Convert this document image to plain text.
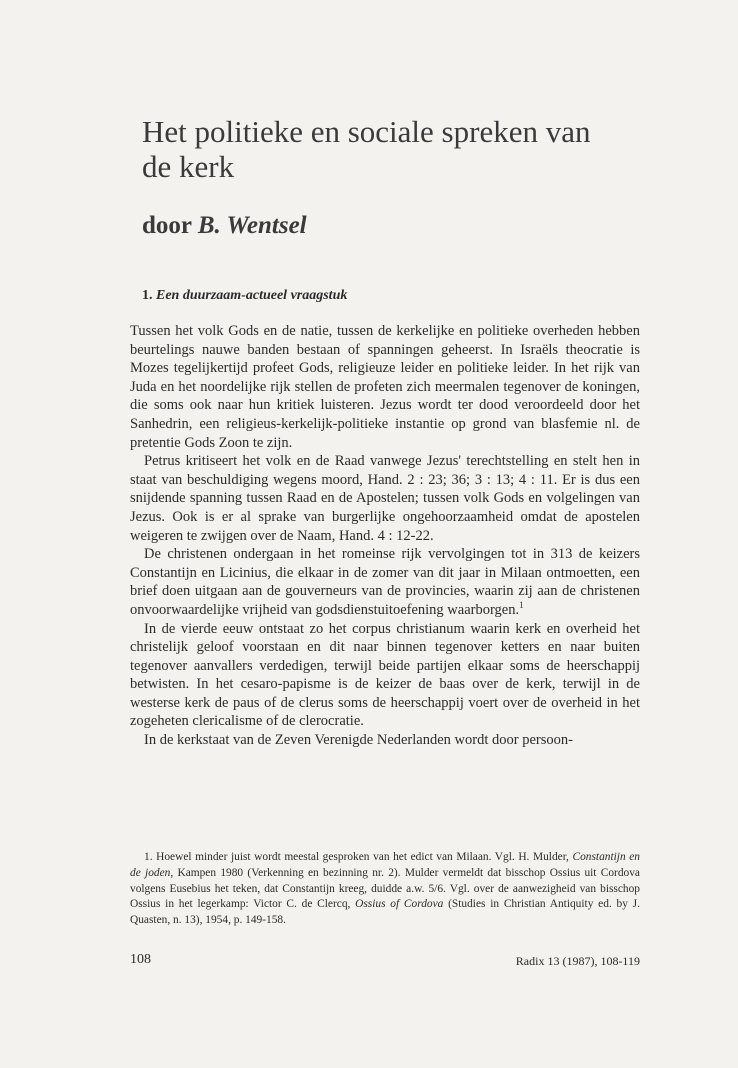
Het politieke en sociale spreken van de kerk
door B. Wentsel
1. Een duurzaam-actueel vraagstuk

Tussen het volk Gods en de natie, tussen de kerkelijke en politieke overheden hebben beurtelings nauwe banden bestaan of spanningen geheerst. In Israëls theocratie is Mozes tegelijkertijd profeet Gods, religieuze leider en politieke leider. In het rijk van Juda en het noordelijke rijk stellen de profeten zich meermalen tegenover de koningen, die soms ook naar hun kritiek luisteren. Jezus wordt ter dood veroordeeld door het Sanhedrin, een religieus-kerkelijk-politieke instantie op grond van blasfemie nl. de pretentie Gods Zoon te zijn.

Petrus kritiseert het volk en de Raad vanwege Jezus' terechtstelling en stelt hen in staat van beschuldiging wegens moord, Hand. 2 : 23; 36; 3 : 13; 4 : 11. Er is dus een snijdende spanning tussen Raad en de Apostelen; tussen volk Gods en volgelingen van Jezus. Ook is er al sprake van burgerlijke ongehoorzaamheid omdat de apostelen weigeren te zwijgen over de Naam, Hand. 4 : 12-22.

De christenen ondergaan in het romeinse rijk vervolgingen tot in 313 de keizers Constantijn en Licinius, die elkaar in de zomer van dit jaar in Milaan ontmoetten, een brief doen uitgaan aan de gouverneurs van de provincies, waarin zij aan de christenen onvoorwaardelijke vrijheid van godsdienstuitoefening waarborgen.$^1$

In de vierde eeuw ontstaat zo het corpus christianum waarin kerk en overheid het christelijk geloof voorstaan en dit naar binnen tegenover ketters en naar buiten tegenover aanvallers verdedigen, terwijl beide partijen elkaar soms de heerschappij betwisten. In het cesaro-papisme is de keizer de baas over de kerk, terwijl in de westerse kerk de paus of de clerus soms de heerschappij voert over de overheid in het zogeheten clericalisme of de clerocratie.

In de kerkstaat van de Zeven Verenigde Nederlanden wordt door persoon-

1. Hoewel minder juist wordt meestal gesproken van het edict van Milaan. Vgl. H. Mulder, Constantijn en de joden, Kampen 1980 (Verkenning en bezinning nr. 2). Mulder vermeldt dat bisschop Ossius uit Cordova volgens Eusebius het teken, dat Constantijn kreeg, duidde a.w. 5/6. Vgl. over de aanwezigheid van bisschop Ossius in het legerkamp: Victor C. de Clercq, Ossius of Cordova (Studies in Christian Antiquity ed. by J. Quasten, n. 13), 1954, p. 149-158.
108	Radix 13 (1987), 108-119
